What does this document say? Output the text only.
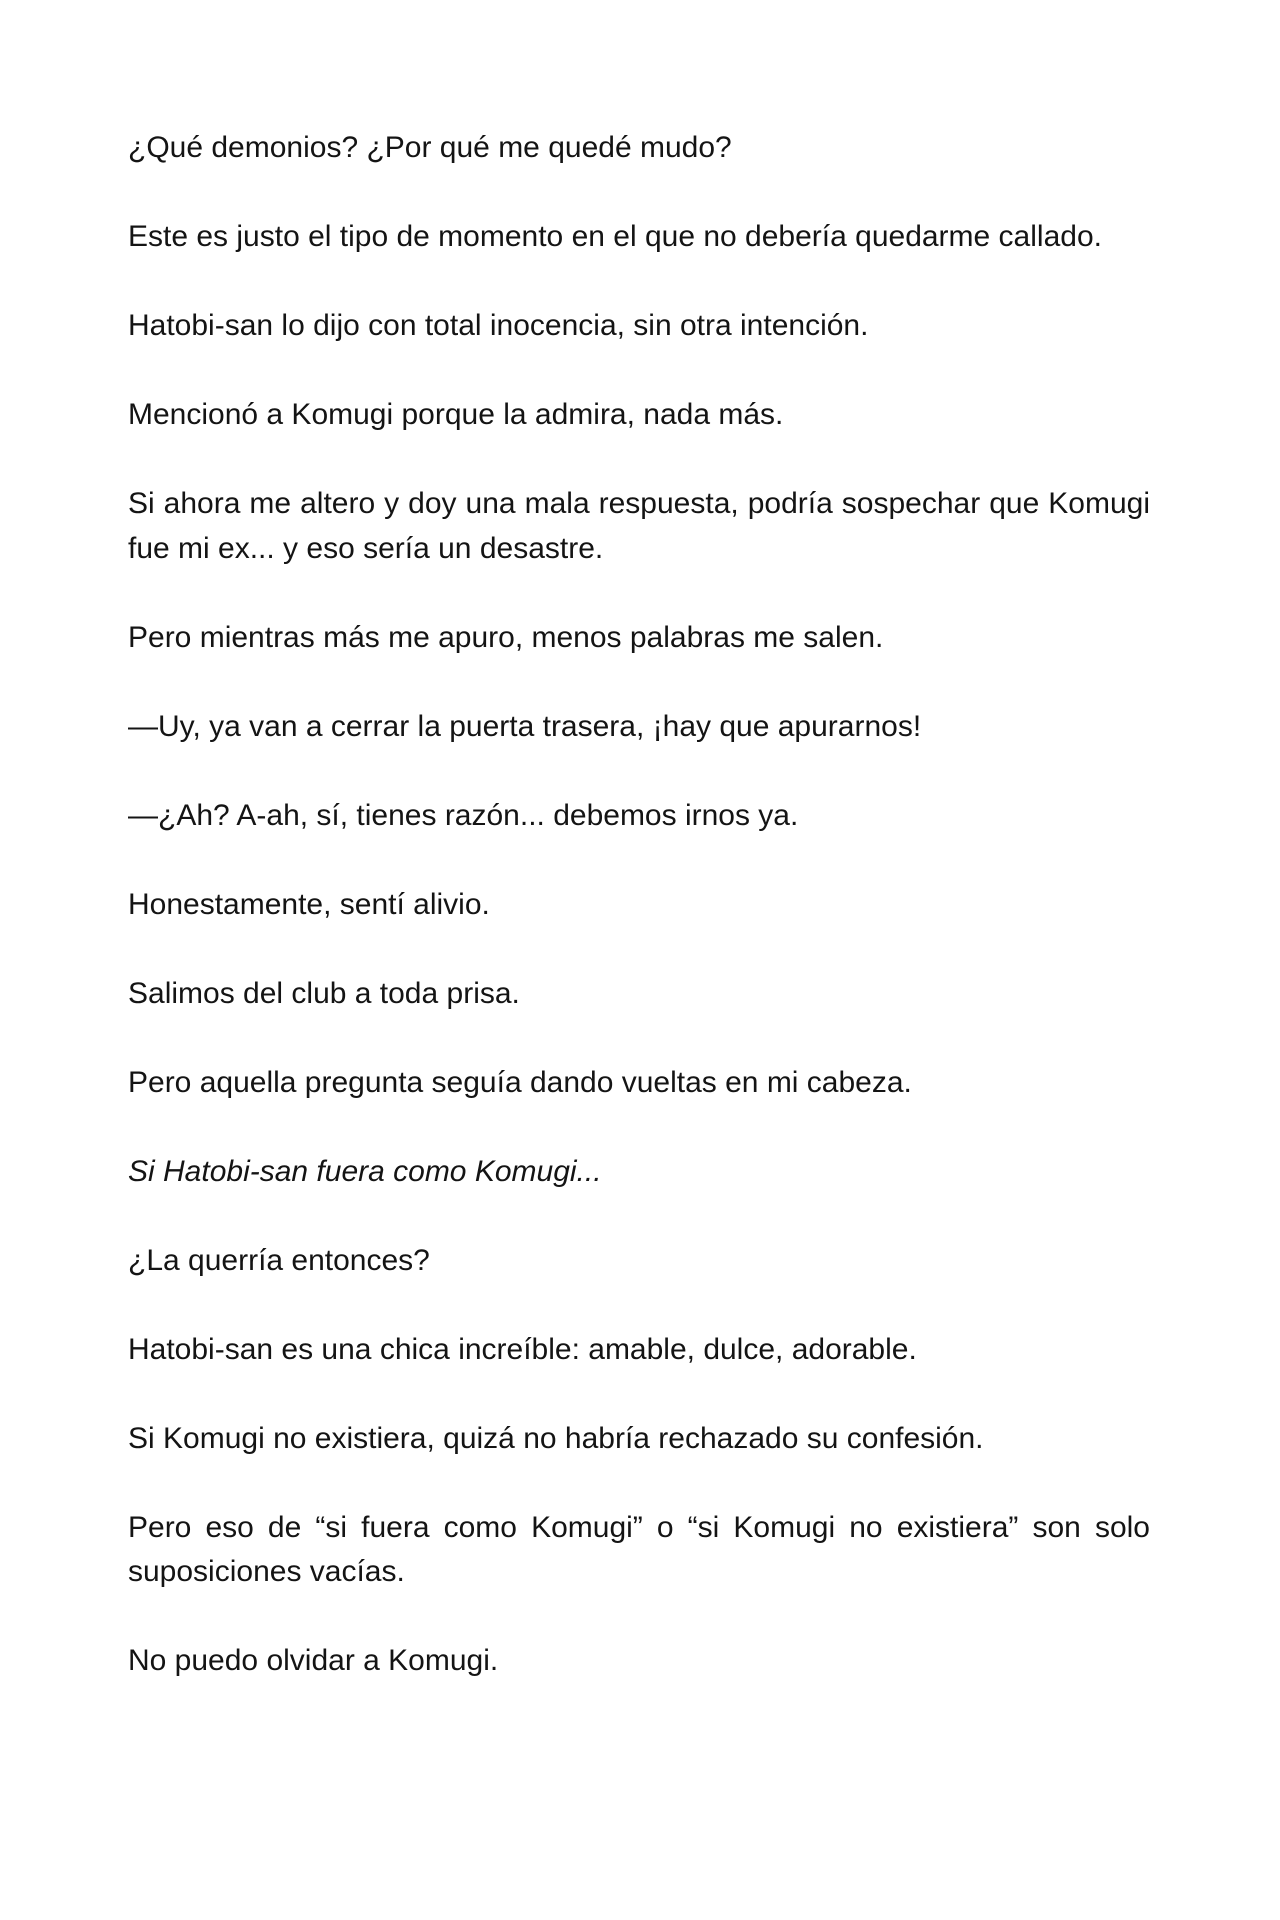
¿Qué demonios? ¿Por qué me quedé mudo?

Este es justo el tipo de momento en el que no debería quedarme callado.

Hatobi-san lo dijo con total inocencia, sin otra intención.

Mencionó a Komugi porque la admira, nada más.

Si ahora me altero y doy una mala respuesta, podría sospechar que Komugi fue mi ex... y eso sería un desastre.

Pero mientras más me apuro, menos palabras me salen.

—Uy, ya van a cerrar la puerta trasera, ¡hay que apurarnos!

—¿Ah? A-ah, sí, tienes razón... debemos irnos ya.

Honestamente, sentí alivio.

Salimos del club a toda prisa.

Pero aquella pregunta seguía dando vueltas en mi cabeza.

Si Hatobi-san fuera como Komugi...

¿La querría entonces?

Hatobi-san es una chica increíble: amable, dulce, adorable.

Si Komugi no existiera, quizá no habría rechazado su confesión.

Pero eso de “si fuera como Komugi” o “si Komugi no existiera” son solo suposiciones vacías.

No puedo olvidar a Komugi.
